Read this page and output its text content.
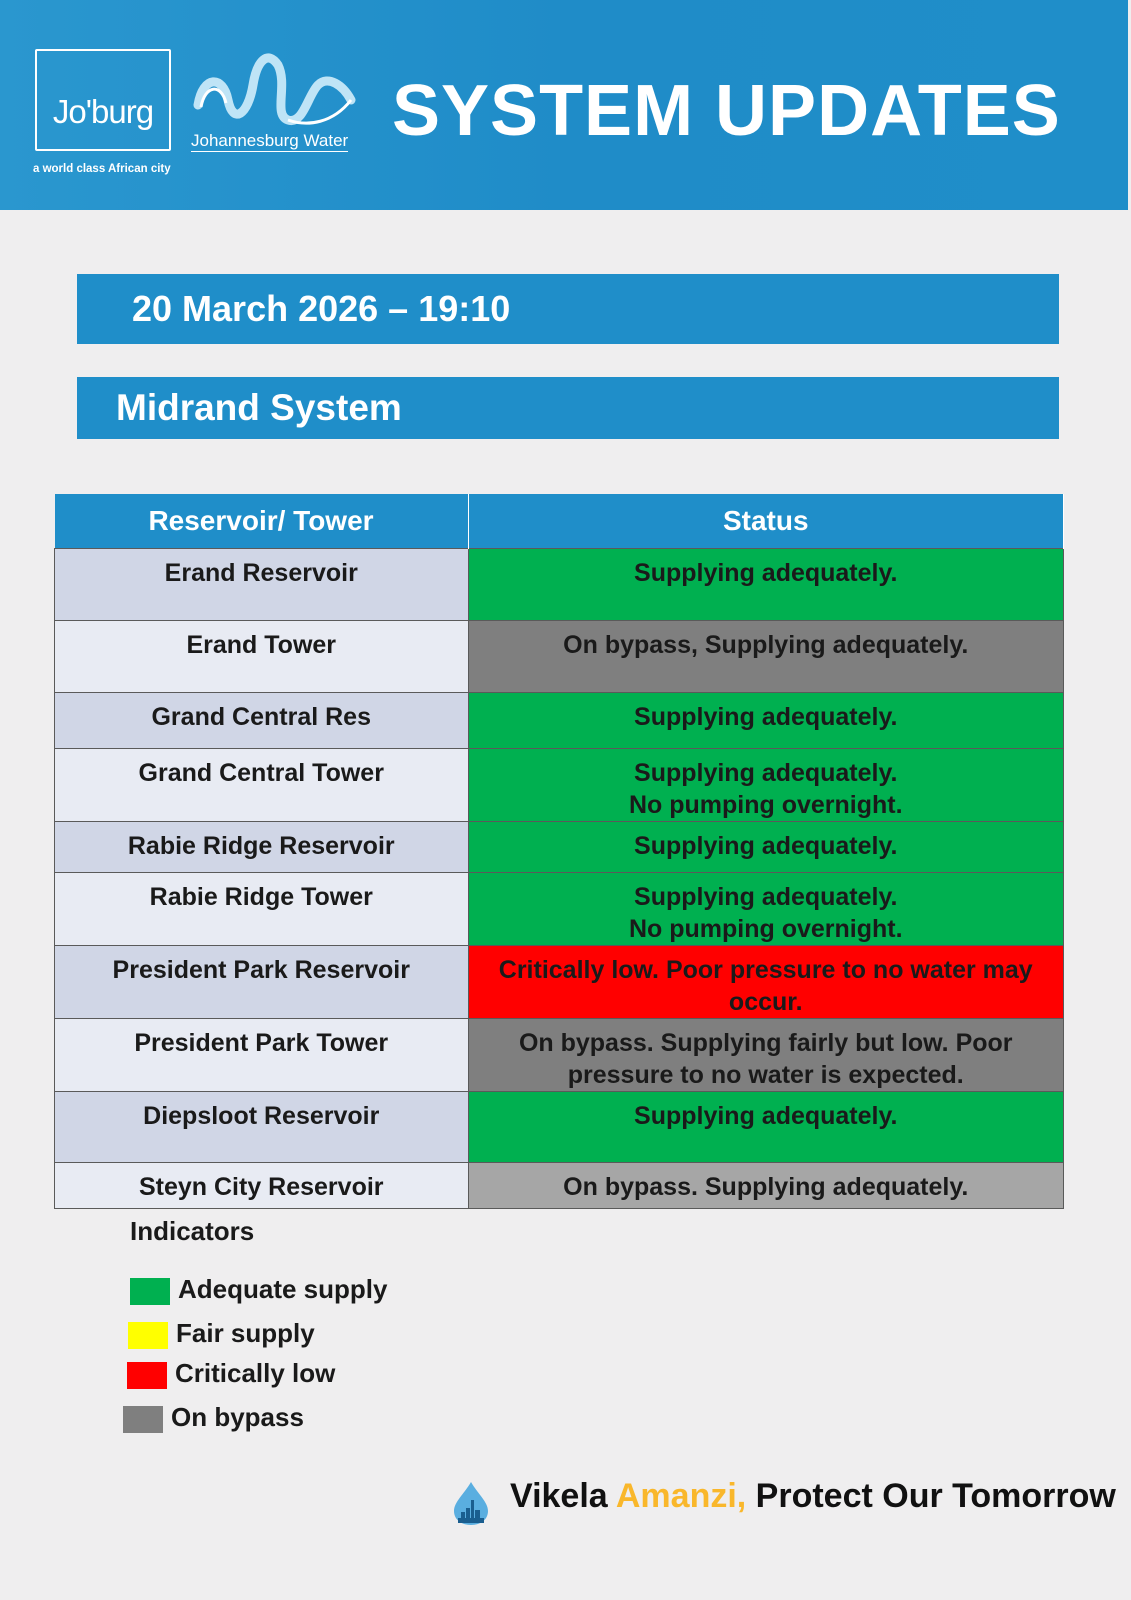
Jo'burg
a world class African city
Johannesburg Water SYSTEM UPDATES
20 March 2026 – 19:10
Midrand System
Reservoir/ Tower	Status
Erand Reservoir	Supplying adequately.
Erand Tower	On bypass, Supplying adequately.
Grand Central Res	Supplying adequately.
Grand Central Tower	Supplying adequately.
No pumping overnight.

Rabie Ridge Reservoir	Supplying adequately.
Rabie Ridge Tower	Supplying adequately.
No pumping overnight.

President Park Reservoir	Critically low. Poor pressure to no water may occur.
President Park Tower	On bypass. Supplying fairly but low. Poor pressure to no water is expected.
Diepsloot Reservoir	Supplying adequately.
Steyn City Reservoir	On bypass. Supplying adequately.
Indicators
Adequate supply
Fair supply
Critically low
On bypass
Vikela Amanzi, Protect Our Tomorrow
